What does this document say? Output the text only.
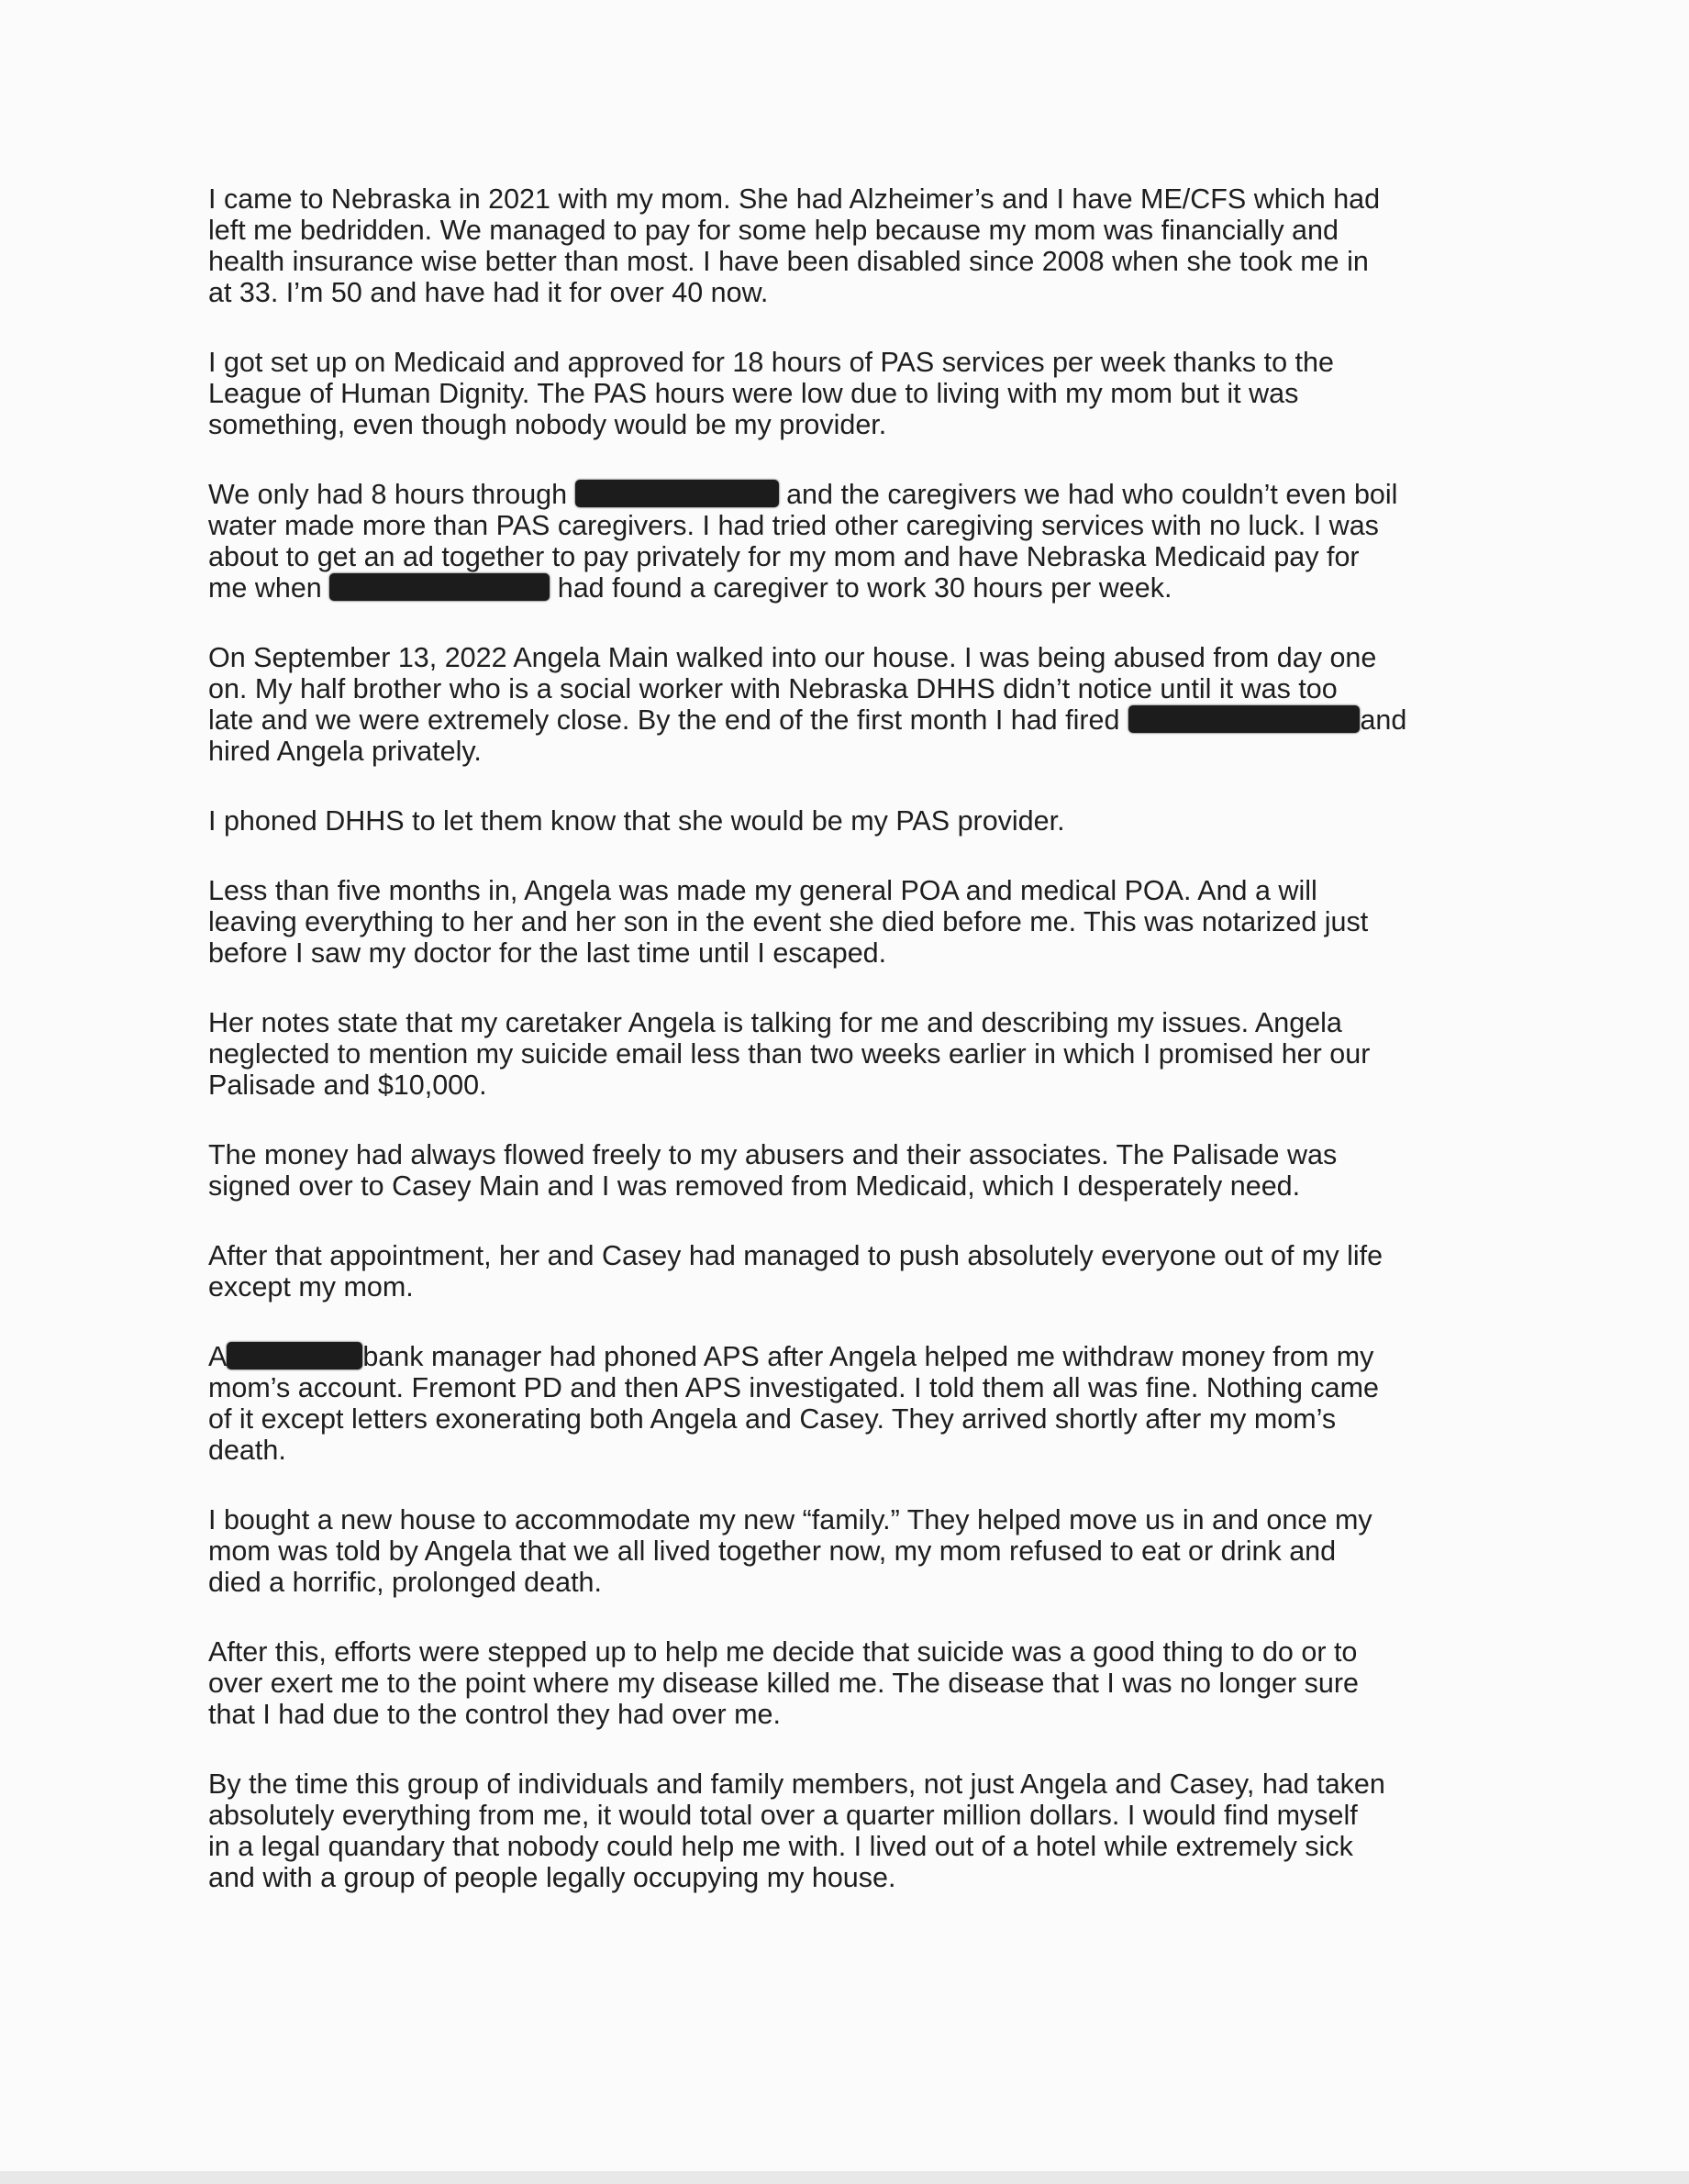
I came to Nebraska in 2021 with my mom. She had Alzheimer’s and I have ME/CFS which had
left me bedridden. We managed to pay for some help because my mom was financially and
health insurance wise better than most. I have been disabled since 2008 when she took me in
at 33. I’m 50 and have had it for over 40 now.
I got set up on Medicaid and approved for 18 hours of PAS services per week thanks to the
League of Human Dignity. The PAS hours were low due to living with my mom but it was
something, even though nobody would be my provider.
We only had 8 hours through	and the caregivers we had who couldn’t even boil
water made more than PAS caregivers. I had tried other caregiving services with no luck. I was
about to get an ad together to pay privately for my mom and have Nebraska Medicaid pay for
me when	had found a caregiver to work 30 hours per week.
On September 13, 2022 Angela Main walked into our house. I was being abused from day one
on. My half brother who is a social worker with Nebraska DHHS didn’t notice until it was too
late and we were extremely close. By the end of the first month I had fired	and
hired Angela privately.
I phoned DHHS to let them know that she would be my PAS provider.
Less than five months in, Angela was made my general POA and medical POA. And a will
leaving everything to her and her son in the event she died before me. This was notarized just
before I saw my doctor for the last time until I escaped.
Her notes state that my caretaker Angela is talking for me and describing my issues. Angela
neglected to mention my suicide email less than two weeks earlier in which I promised her our
Palisade and $10,000.
The money had always flowed freely to my abusers and their associates. The Palisade was
signed over to Casey Main and I was removed from Medicaid, which I desperately need.
After that appointment, her and Casey had managed to push absolutely everyone out of my life
except my mom.
A	bank manager had phoned APS after Angela helped me withdraw money from my
mom’s account. Fremont PD and then APS investigated. I told them all was fine. Nothing came
of it except letters exonerating both Angela and Casey. They arrived shortly after my mom’s
death.
I bought a new house to accommodate my new “family.” They helped move us in and once my
mom was told by Angela that we all lived together now, my mom refused to eat or drink and
died a horrific, prolonged death.
After this, efforts were stepped up to help me decide that suicide was a good thing to do or to
over exert me to the point where my disease killed me. The disease that I was no longer sure
that I had due to the control they had over me.
By the time this group of individuals and family members, not just Angela and Casey, had taken
absolutely everything from me, it would total over a quarter million dollars. I would find myself
in a legal quandary that nobody could help me with. I lived out of a hotel while extremely sick
and with a group of people legally occupying my house.
